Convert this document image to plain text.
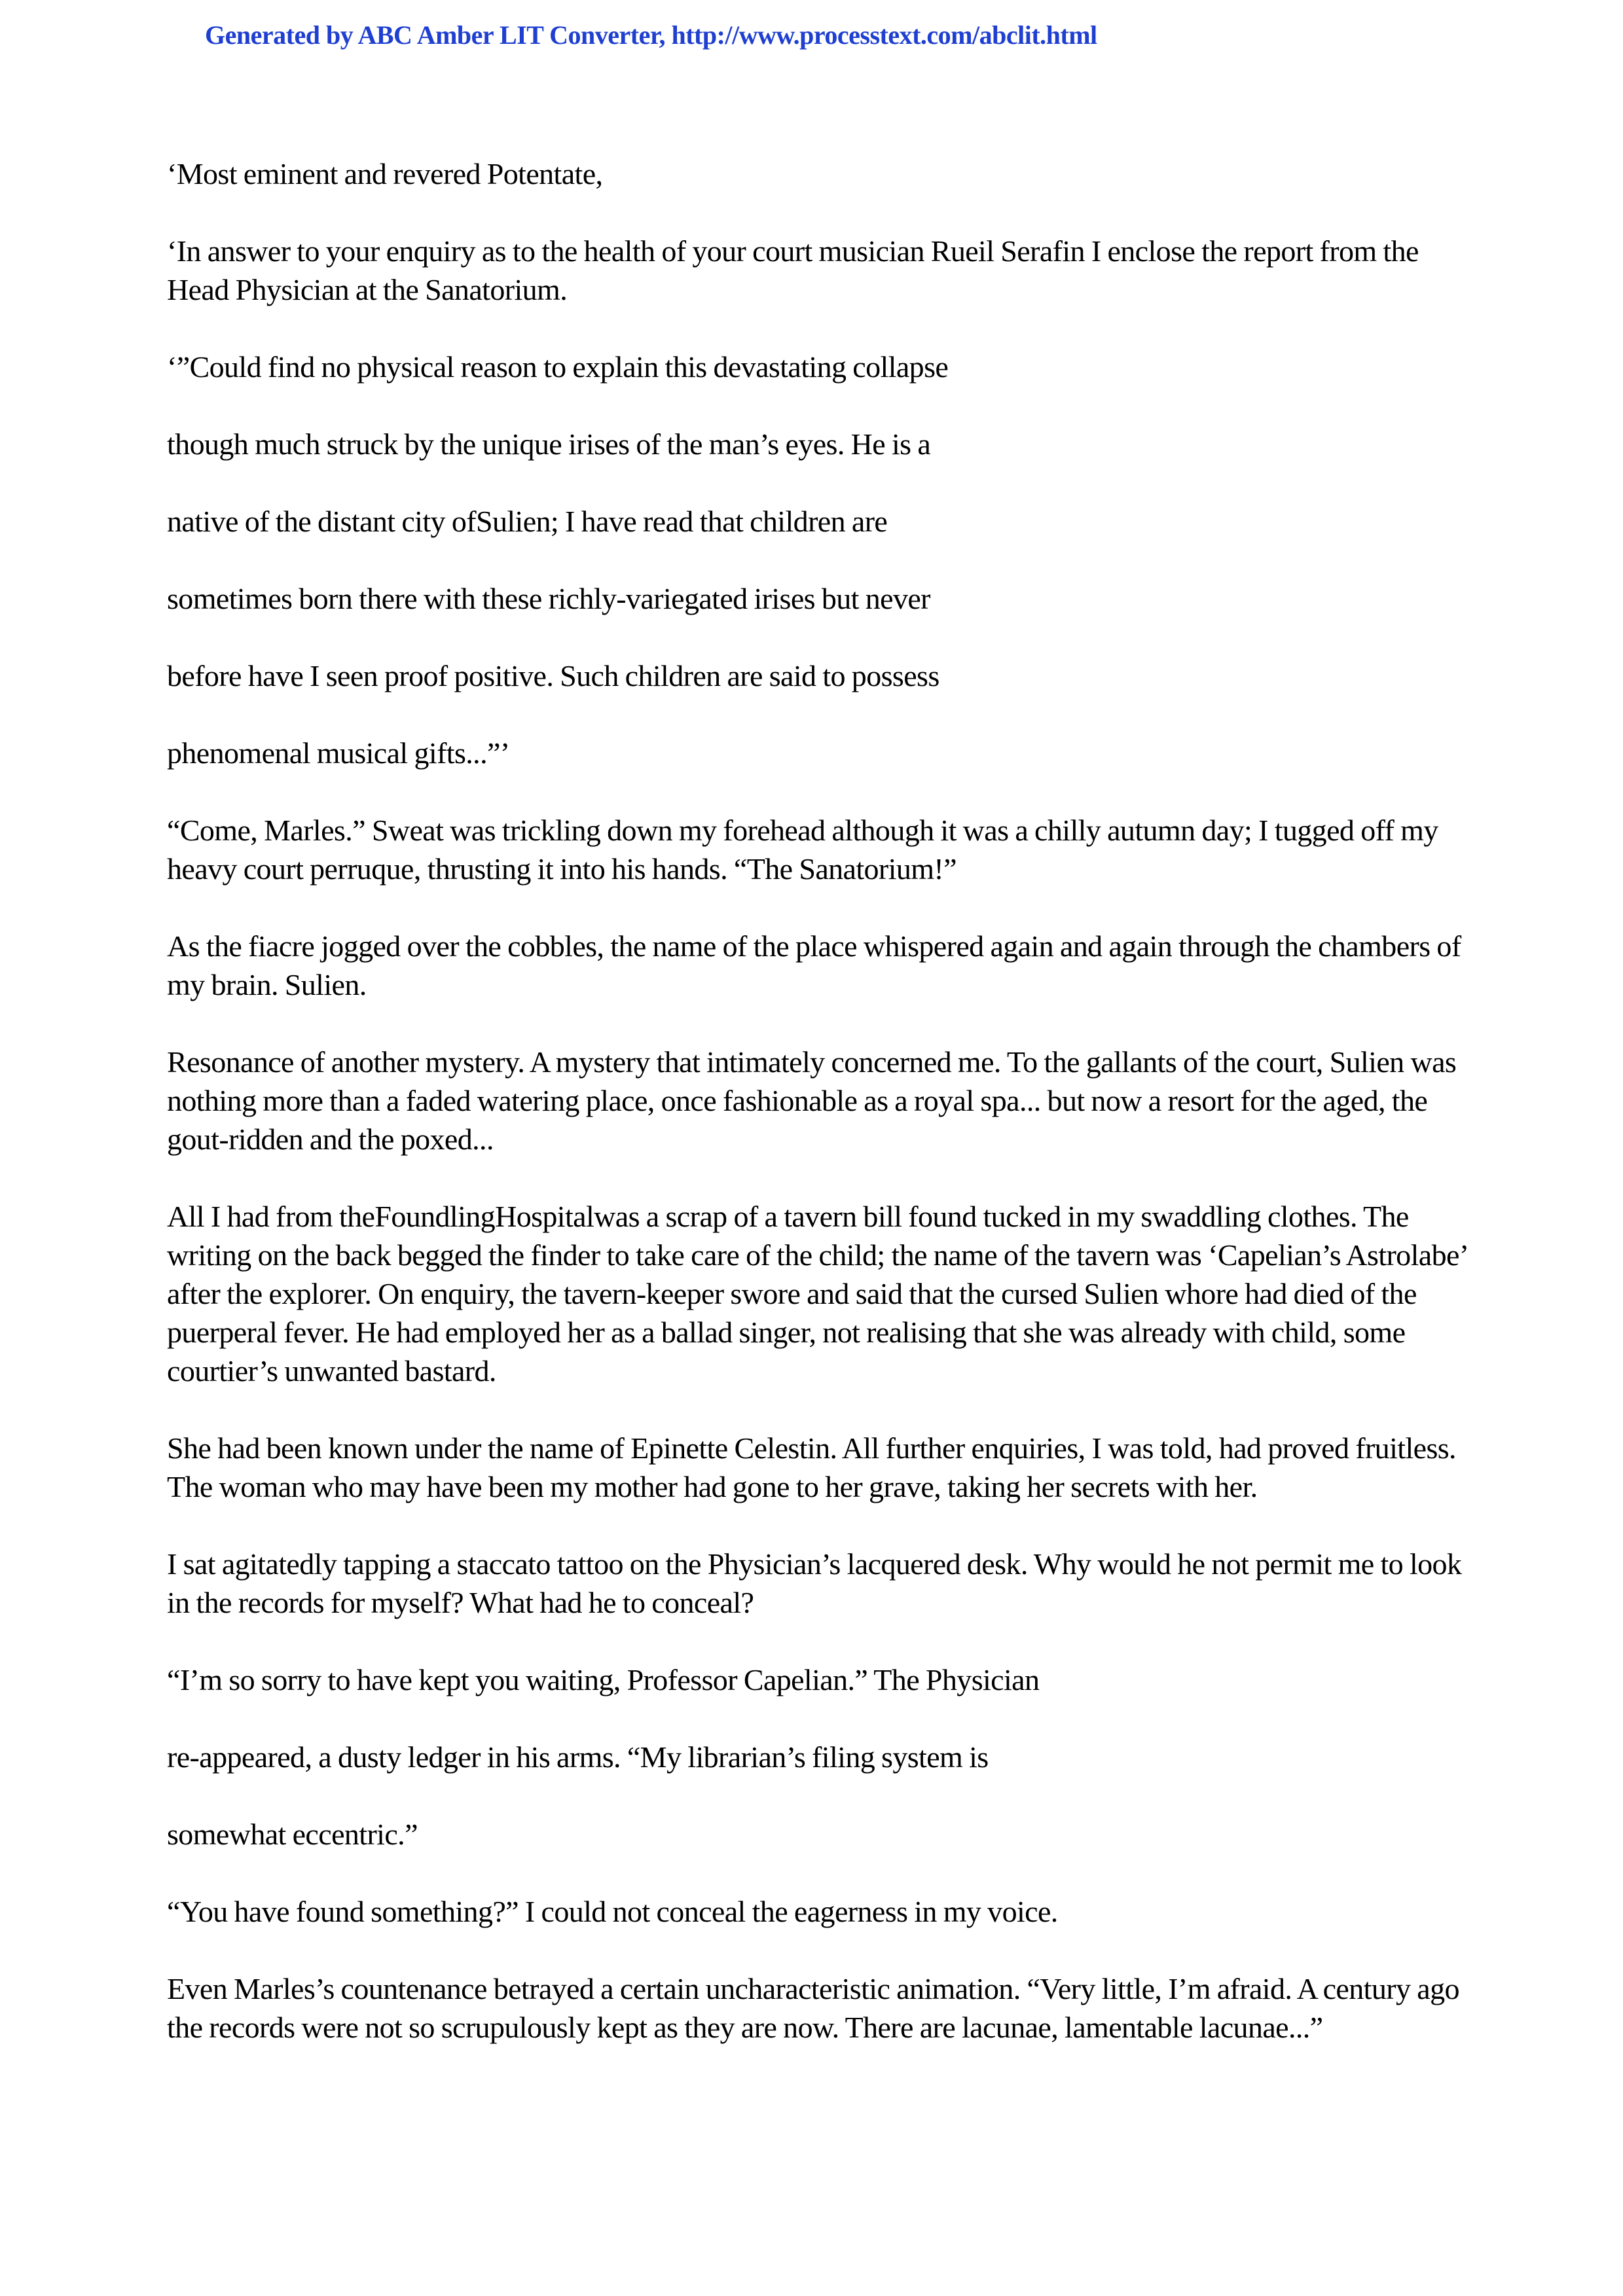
Generated by ABC Amber LIT Converter, http://www.processtext.com/abclit.html

‘Most eminent and revered Potentate,

‘In answer to your enquiry as to the health of your court musician Rueil Serafin I enclose the report from the Head Physician at the Sanatorium.

‘”Could find no physical reason to explain this devastating collapse

though much struck by the unique irises of the man’s eyes. He is a

native of the distant city ofSulien; I have read that children are

sometimes born there with these richly-variegated irises but never

before have I seen proof positive. Such children are said to possess

phenomenal musical gifts...”’

“Come, Marles.” Sweat was trickling down my forehead although it was a chilly autumn day; I tugged off my heavy court perruque, thrusting it into his hands. “The Sanatorium!”

As the fiacre jogged over the cobbles, the name of the place whispered again and again through the chambers of my brain. Sulien.

Resonance of another mystery. A mystery that intimately concerned me. To the gallants of the court, Sulien was nothing more than a faded watering place, once fashionable as a royal spa... but now a resort for the aged, the gout-ridden and the poxed...

All I had from theFoundlingHospitalwas a scrap of a tavern bill found tucked in my swaddling clothes. The writing on the back begged the finder to take care of the child; the name of the tavern was ‘Capelian’s Astrolabe’ after the explorer. On enquiry, the tavern-keeper swore and said that the cursed Sulien whore had died of the puerperal fever. He had employed her as a ballad singer, not realising that she was already with child, some courtier’s unwanted bastard.

She had been known under the name of Epinette Celestin. All further enquiries, I was told, had proved fruitless. The woman who may have been my mother had gone to her grave, taking her secrets with her.

I sat agitatedly tapping a staccato tattoo on the Physician’s lacquered desk. Why would he not permit me to look in the records for myself? What had he to conceal?

“I’m so sorry to have kept you waiting, Professor Capelian.” The Physician

re-appeared, a dusty ledger in his arms. “My librarian’s filing system is

somewhat eccentric.”

“You have found something?” I could not conceal the eagerness in my voice.

Even Marles’s countenance betrayed a certain uncharacteristic animation. “Very little, I’m afraid. A century ago the records were not so scrupulously kept as they are now. There are lacunae, lamentable lacunae...”
